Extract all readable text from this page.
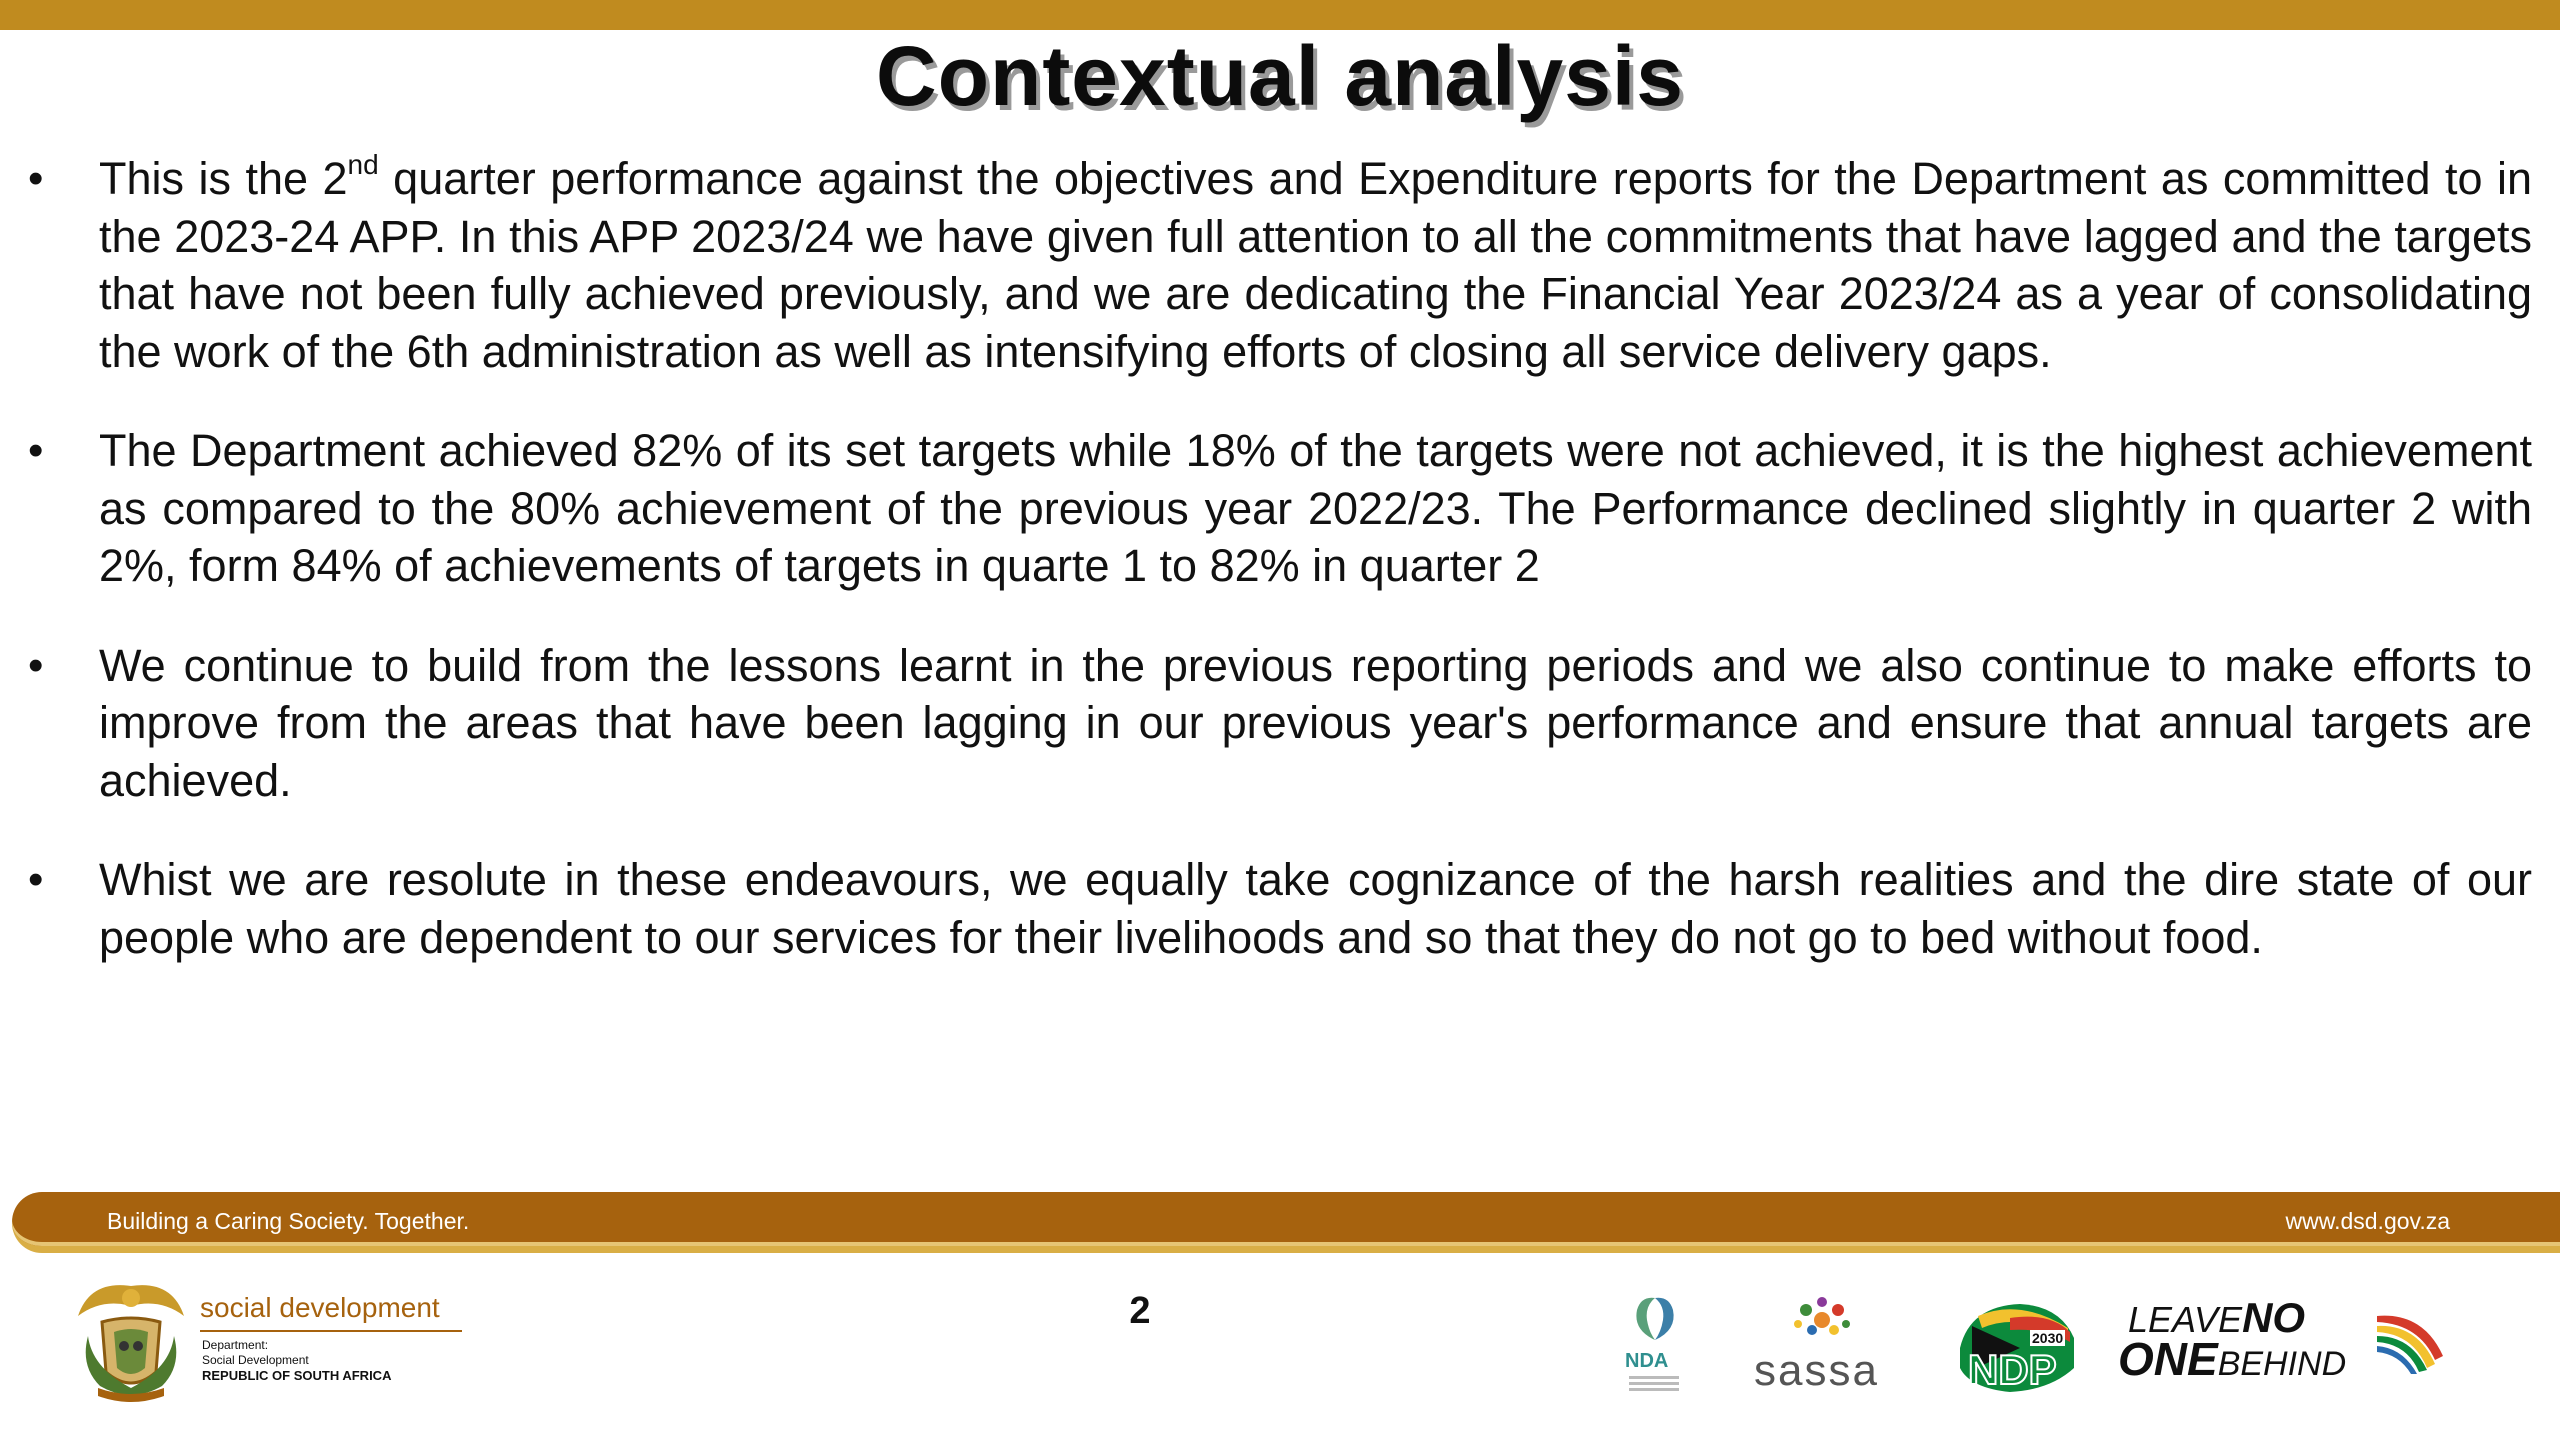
Contextual analysis
• This is the 2nd quarter performance against the objectives and Expenditure reports for the Department as committed to in the 2023-24 APP. In this APP 2023/24 we have given full attention to all the commitments that have lagged and the targets that have not been fully achieved previously, and we are dedicating the Financial Year 2023/24 as a year of consolidating the work of the 6th administration as well as intensifying efforts of closing all service delivery gaps.
• The Department achieved 82% of its set targets while 18% of the targets were not achieved, it is the highest achievement as compared to the 80% achievement of the previous year 2022/23. The Performance declined slightly in quarter 2 with 2%, form 84% of achievements of targets in quarte 1 to 82% in quarter 2
• We continue to build from the lessons learnt in the previous reporting periods and we also continue to make efforts to improve from the areas that have been lagging in our previous year's performance and ensure that annual targets are achieved.
• Whist we are resolute in these endeavours, we equally take cognizance of the harsh realities and the dire state of our people who are dependent to our services for their livelihoods and so that they do not go to bed without food.
Building a Caring Society. Together.	www.dsd.gov.za
social development
Department:
Social Development
REPUBLIC OF SOUTH AFRICA
2
NDA sassa
2030
NDP
LEAVENO
ONEBEHIND
